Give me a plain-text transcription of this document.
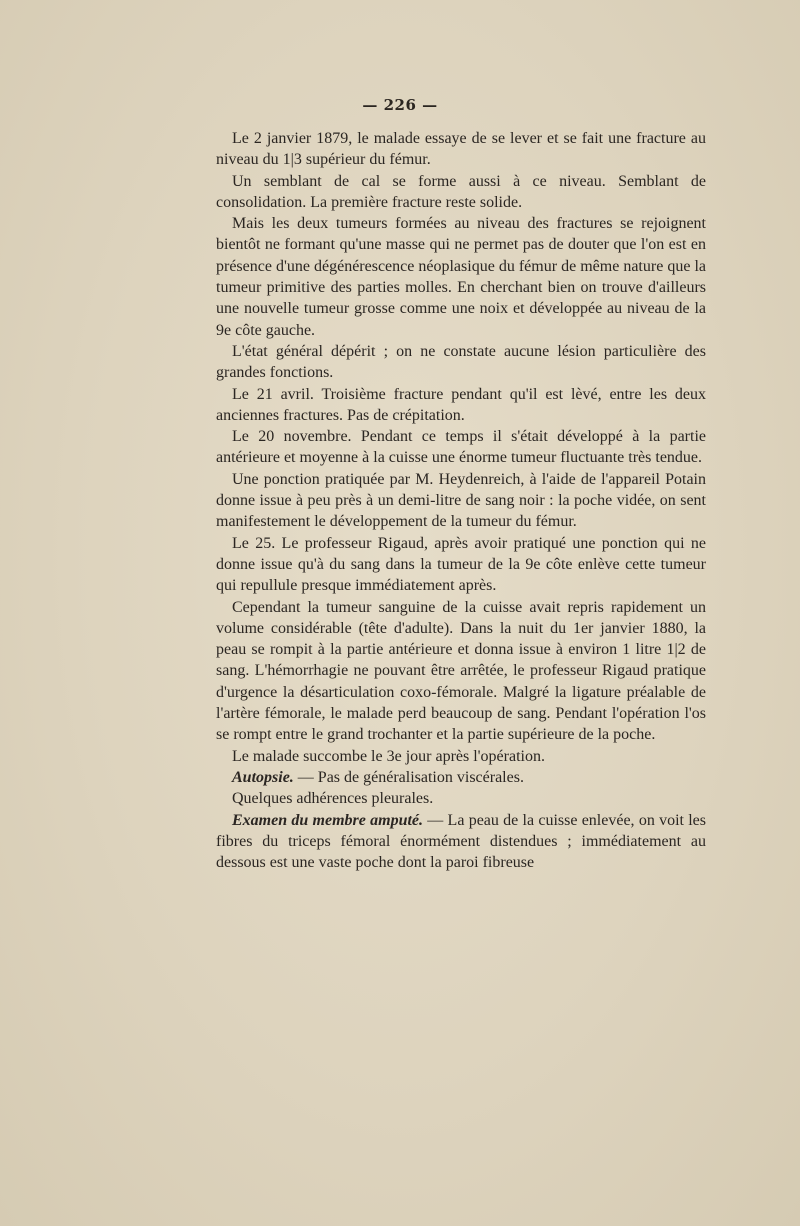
— 226 —

Le 2 janvier 1879, le malade essaye de se lever et se fait une fracture au niveau du 1|3 supérieur du fémur.

Un semblant de cal se forme aussi à ce niveau. Semblant de consolidation. La première fracture reste solide.

Mais les deux tumeurs formées au niveau des fractures se rejoignent bientôt ne formant qu'une masse qui ne permet pas de douter que l'on est en présence d'une dégénérescence néoplasique du fémur de même nature que la tumeur primitive des parties molles. En cherchant bien on trouve d'ailleurs une nouvelle tumeur grosse comme une noix et développée au niveau de la 9e côte gauche.

L'état général dépérit ; on ne constate aucune lésion particulière des grandes fonctions.

Le 21 avril. Troisième fracture pendant qu'il est lèvé, entre les deux anciennes fractures. Pas de crépitation.

Le 20 novembre. Pendant ce temps il s'était développé à la partie antérieure et moyenne à la cuisse une énorme tumeur fluctuante très tendue.

Une ponction pratiquée par M. Heydenreich, à l'aide de l'appareil Potain donne issue à peu près à un demi-litre de sang noir : la poche vidée, on sent manifestement le développement de la tumeur du fémur.

Le 25. Le professeur Rigaud, après avoir pratiqué une ponction qui ne donne issue qu'à du sang dans la tumeur de la 9e côte enlève cette tumeur qui repullule presque immédiatement après.

Cependant la tumeur sanguine de la cuisse avait repris rapidement un volume considérable (tête d'adulte). Dans la nuit du 1er janvier 1880, la peau se rompit à la partie antérieure et donna issue à environ 1 litre 1|2 de sang. L'hémorrhagie ne pouvant être arrêtée, le professeur Rigaud pratique d'urgence la désarticulation coxo-fémorale. Malgré la ligature préalable de l'artère fémorale, le malade perd beaucoup de sang. Pendant l'opération l'os se rompt entre le grand trochanter et la partie supérieure de la poche.

Le malade succombe le 3e jour après l'opération.

Autopsie. — Pas de généralisation viscérales.

Quelques adhérences pleurales.

Examen du membre amputé. — La peau de la cuisse enlevée, on voit les fibres du triceps fémoral énormément distendues ; immédiatement au dessous est une vaste poche dont la paroi fibreuse
